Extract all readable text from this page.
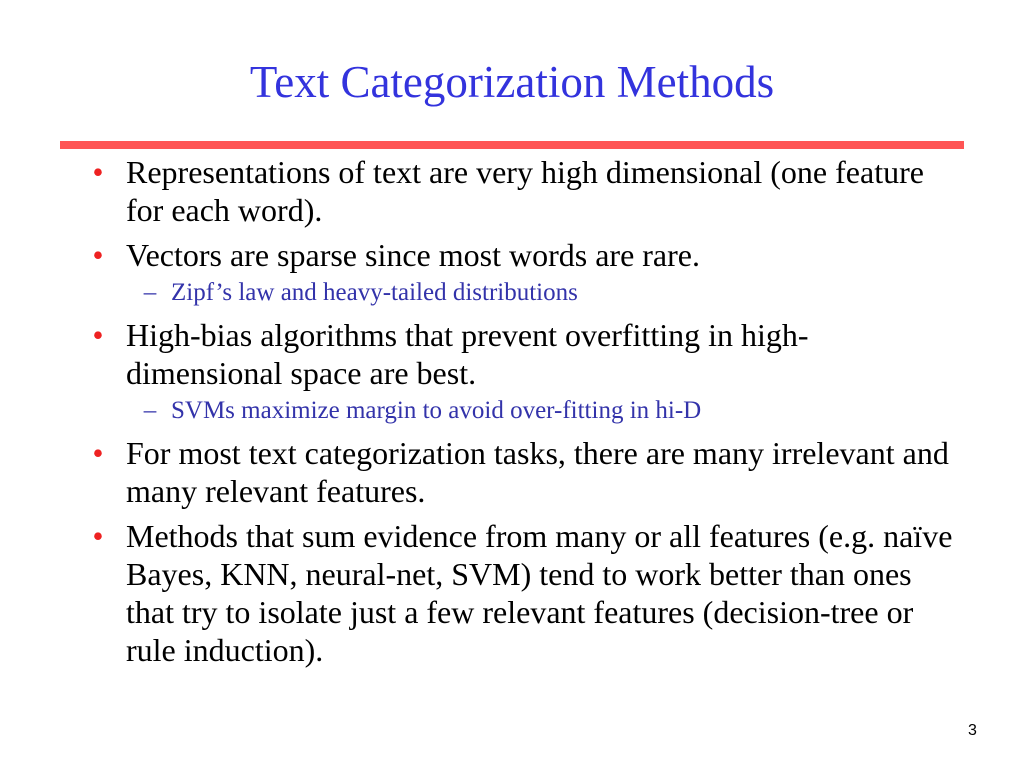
Text Categorization Methods
• Representations of text are very high dimensional (one feature for each word).
• Vectors are sparse since most words are rare.
– Zipf’s law and heavy-tailed distributions
• High-bias algorithms that prevent overfitting in high-dimensional space are best.
– SVMs maximize margin to avoid over-fitting in hi-D
• For most text categorization tasks, there are many irrelevant and many relevant features.
• Methods that sum evidence from many or all features (e.g. naïve Bayes, KNN, neural-net, SVM) tend to work better than ones that try to isolate just a few relevant features (decision-tree or rule induction).
3
